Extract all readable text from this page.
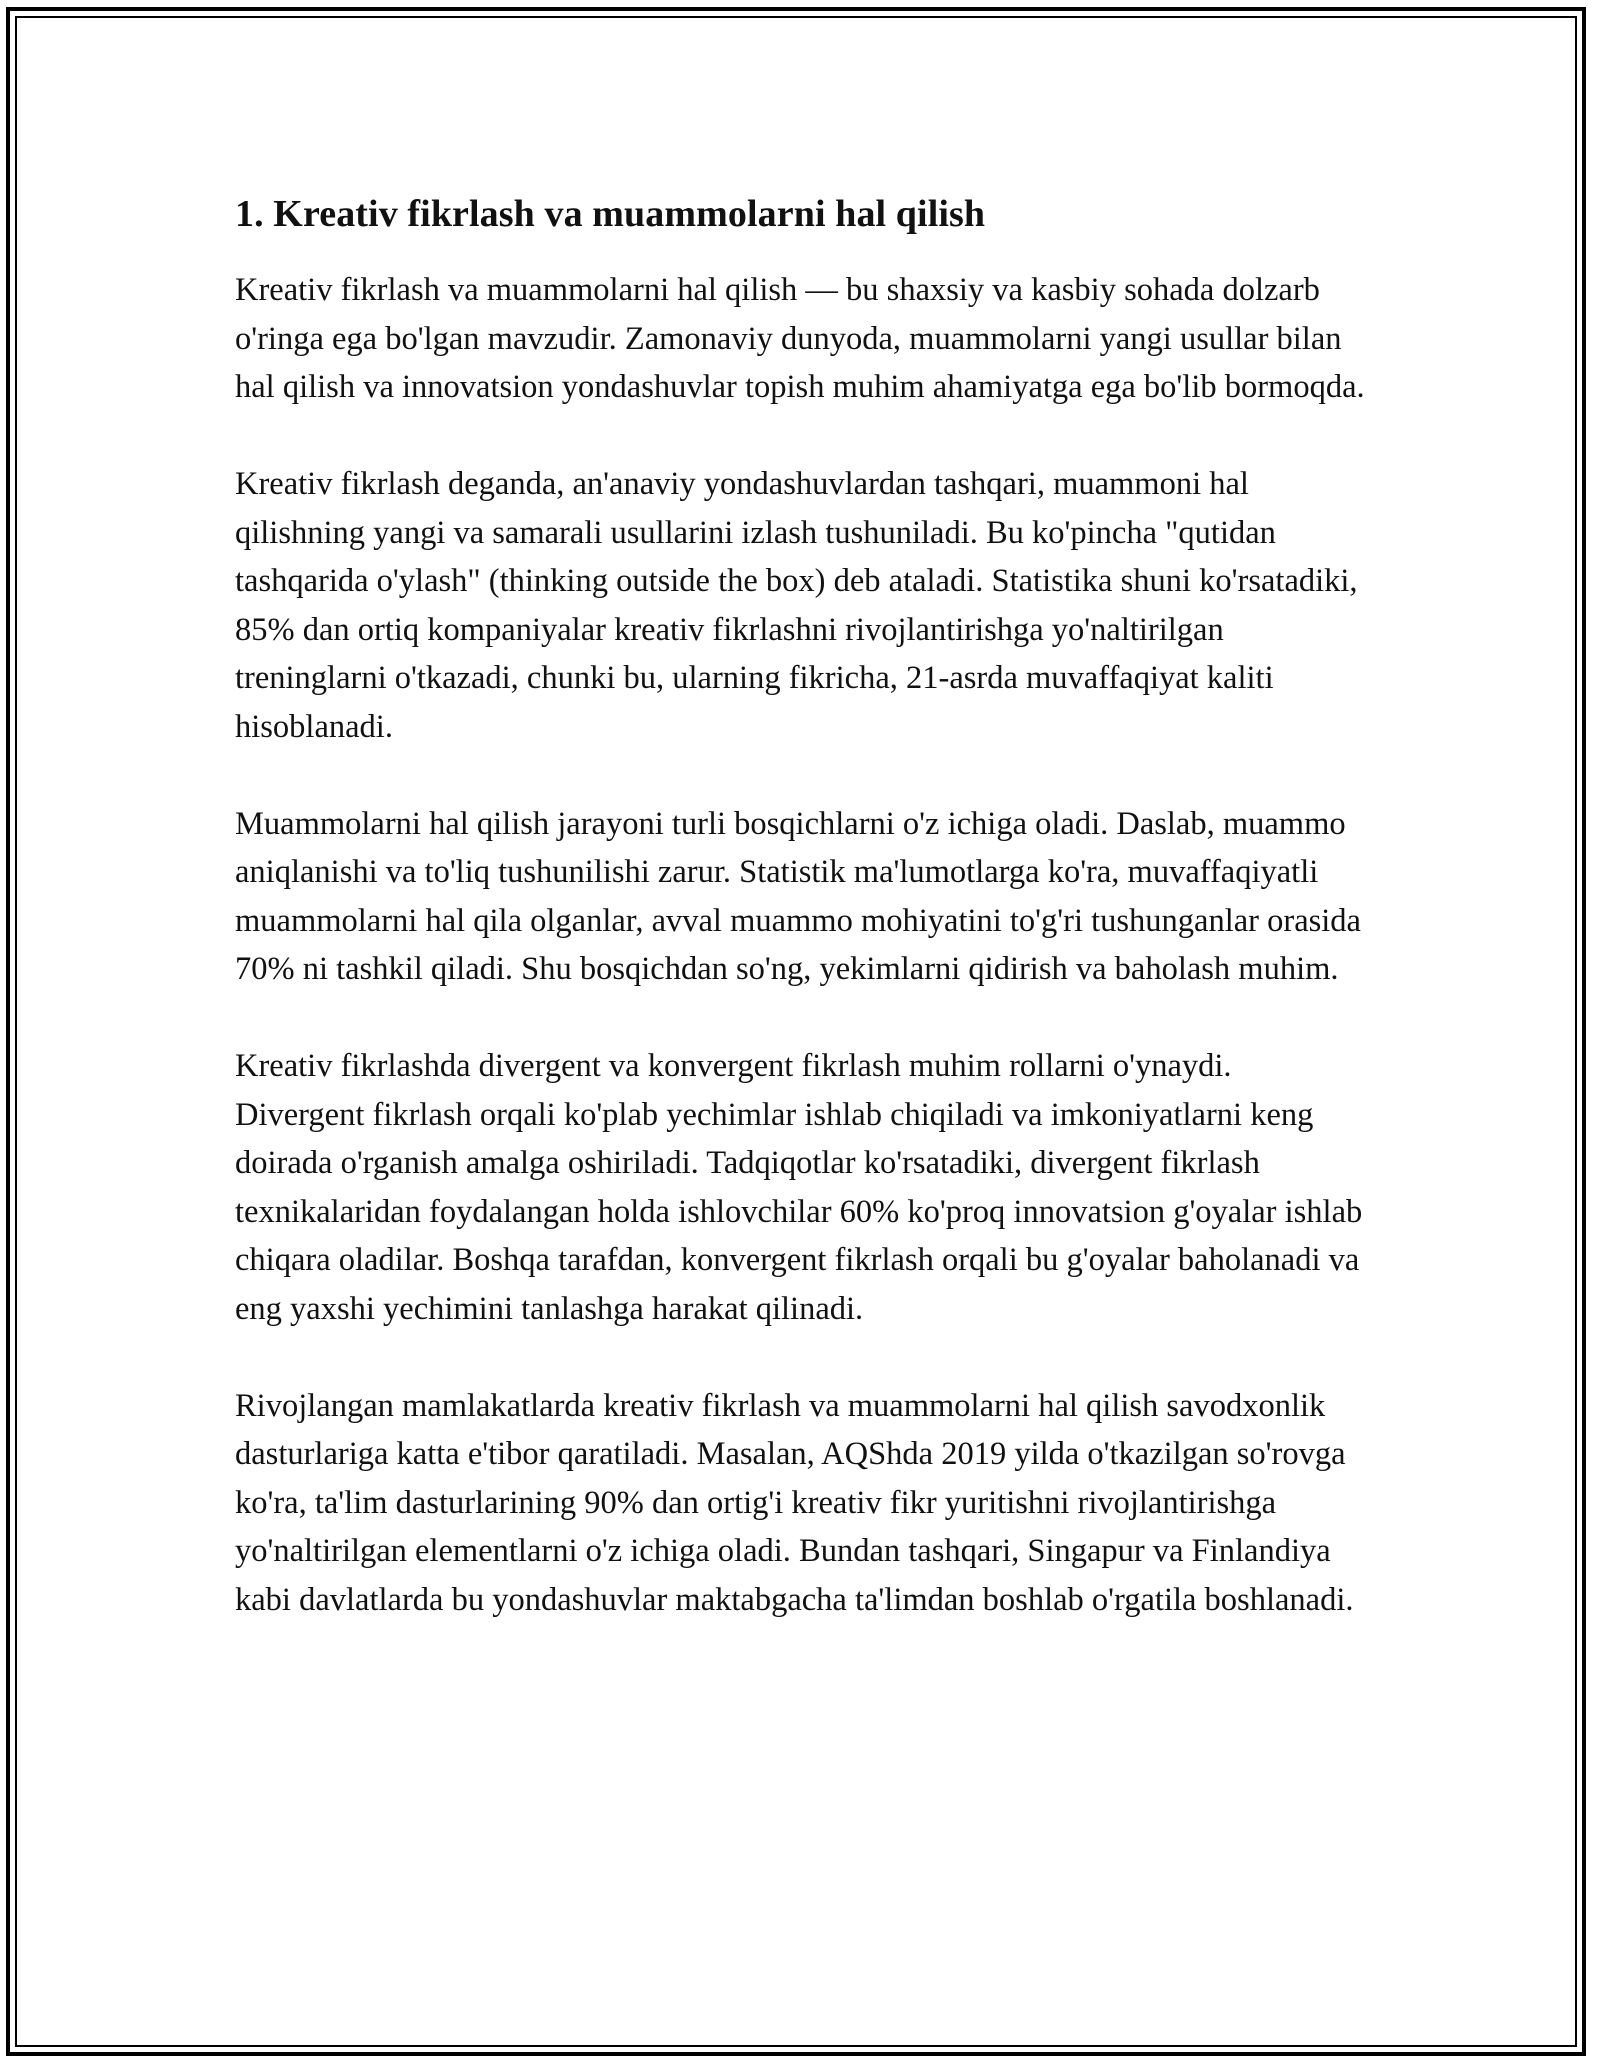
1. Kreativ fikrlash va muammolarni hal qilish

Kreativ fikrlash va muammolarni hal qilish — bu shaxsiy va kasbiy sohada dolzarb o'ringa ega bo'lgan mavzudir. Zamonaviy dunyoda, muammolarni yangi usullar bilan hal qilish va innovatsion yondashuvlar topish muhim ahamiyatga ega bo'lib bormoqda.

Kreativ fikrlash deganda, an'anaviy yondashuvlardan tashqari, muammoni hal qilishning yangi va samarali usullarini izlash tushuniladi. Bu ko'pincha "qutidan tashqarida o'ylash" (thinking outside the box) deb ataladi. Statistika shuni ko'rsatadiki, 85% dan ortiq kompaniyalar kreativ fikrlashni rivojlantirishga yo'naltirilgan treninglarni o'tkazadi, chunki bu, ularning fikricha, 21-asrda muvaffaqiyat kaliti hisoblanadi.

Muammolarni hal qilish jarayoni turli bosqichlarni o'z ichiga oladi. Daslab, muammo aniqlanishi va to'liq tushunilishi zarur. Statistik ma'lumotlarga ko'ra, muvaffaqiyatli muammolarni hal qila olganlar, avval muammo mohiyatini to'g'ri tushunganlar orasida 70% ni tashkil qiladi. Shu bosqichdan so'ng, yekimlarni qidirish va baholash muhim.

Kreativ fikrlashda divergent va konvergent fikrlash muhim rollarni o'ynaydi. Divergent fikrlash orqali ko'plab yechimlar ishlab chiqiladi va imkoniyatlarni keng doirada o'rganish amalga oshiriladi. Tadqiqotlar ko'rsatadiki, divergent fikrlash texnikalaridan foydalangan holda ishlovchilar 60% ko'proq innovatsion g'oyalar ishlab chiqara oladilar. Boshqa tarafdan, konvergent fikrlash orqali bu g'oyalar baholanadi va eng yaxshi yechimini tanlashga harakat qilinadi.

Rivojlangan mamlakatlarda kreativ fikrlash va muammolarni hal qilish savodxonlik dasturlariga katta e'tibor qaratiladi. Masalan, AQShda 2019 yilda o'tkazilgan so'rovga ko'ra, ta'lim dasturlarining 90% dan ortig'i kreativ fikr yuritishni rivojlantirishga yo'naltirilgan elementlarni o'z ichiga oladi. Bundan tashqari, Singapur va Finlandiya kabi davlatlarda bu yondashuvlar maktabgacha ta'limdan boshlab o'rgatila boshlanadi.
